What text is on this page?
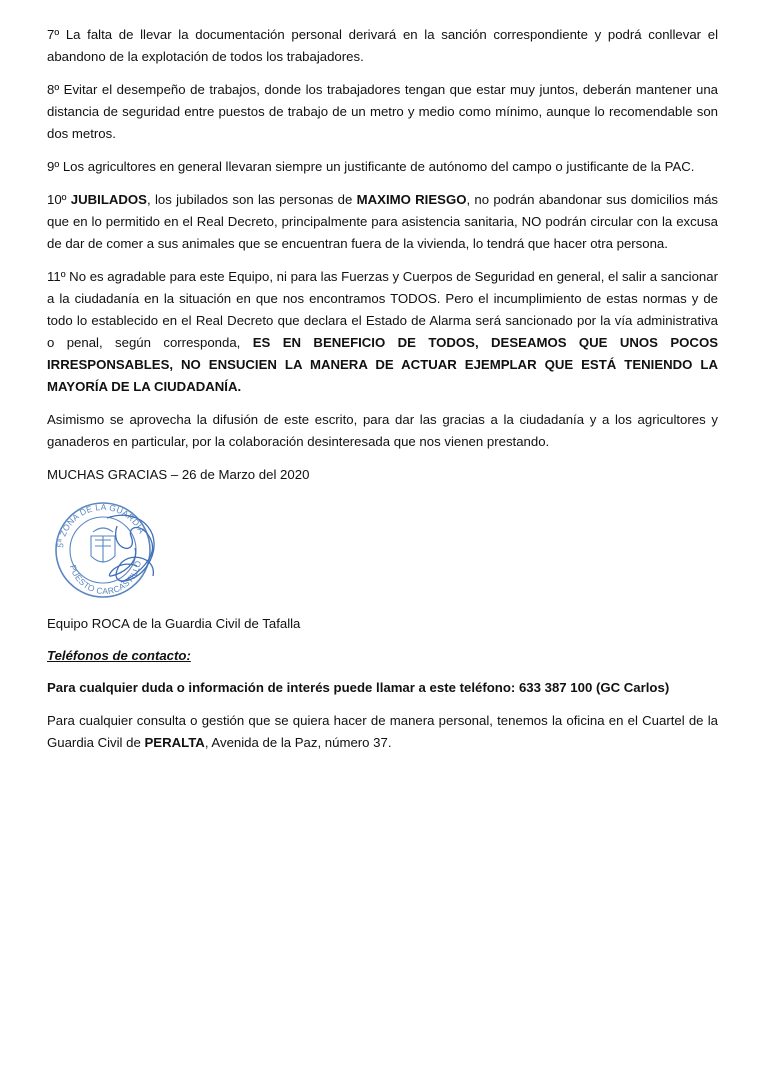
7º La falta de llevar la documentación personal derivará en la sanción correspondiente y podrá conllevar el abandono de la explotación de todos los trabajadores.

8º Evitar el desempeño de trabajos, donde los trabajadores tengan que estar muy juntos, deberán mantener una distancia de seguridad entre puestos de trabajo de un metro y medio como mínimo, aunque lo recomendable son dos metros.

9º Los agricultores en general llevaran siempre un justificante de autónomo del campo o justificante de la PAC.

10º JUBILADOS, los jubilados son las personas de MAXIMO RIESGO, no podrán abandonar sus domicilios más que en lo permitido en el Real Decreto, principalmente para asistencia sanitaria, NO podrán circular con la excusa de dar de comer a sus animales que se encuentran fuera de la vivienda, lo tendrá que hacer otra persona.

11º No es agradable para este Equipo, ni para las Fuerzas y Cuerpos de Seguridad en general, el salir a sancionar a la ciudadanía en la situación en que nos encontramos TODOS. Pero el incumplimiento de estas normas y de todo lo establecido en el Real Decreto que declara el Estado de Alarma será sancionado por la vía administrativa o penal, según corresponda, ES EN BENEFICIO DE TODOS, DESEAMOS QUE UNOS POCOS IRRESPONSABLES, NO ENSUCIEN LA MANERA DE ACTUAR EJEMPLAR QUE ESTÁ TENIENDO LA MAYORÍA DE LA CIUDADANÍA.

Asimismo se aprovecha la difusión de este escrito, para dar las gracias a la ciudadanía y a los agricultores y ganaderos en particular, por la colaboración desinteresada que nos vienen prestando.

MUCHAS GRACIAS – 26 de Marzo del 2020

5ª ZONA DE LA GUARDIA
PUESTO CARCASTILLO

Equipo ROCA de la Guardia Civil de Tafalla

Teléfonos de contacto:

Para cualquier duda o información de interés puede llamar a este teléfono: 633 387 100 (GC Carlos)

Para cualquier consulta o gestión que se quiera hacer de manera personal, tenemos la oficina en el Cuartel de la Guardia Civil de PERALTA, Avenida de la Paz, número 37.
